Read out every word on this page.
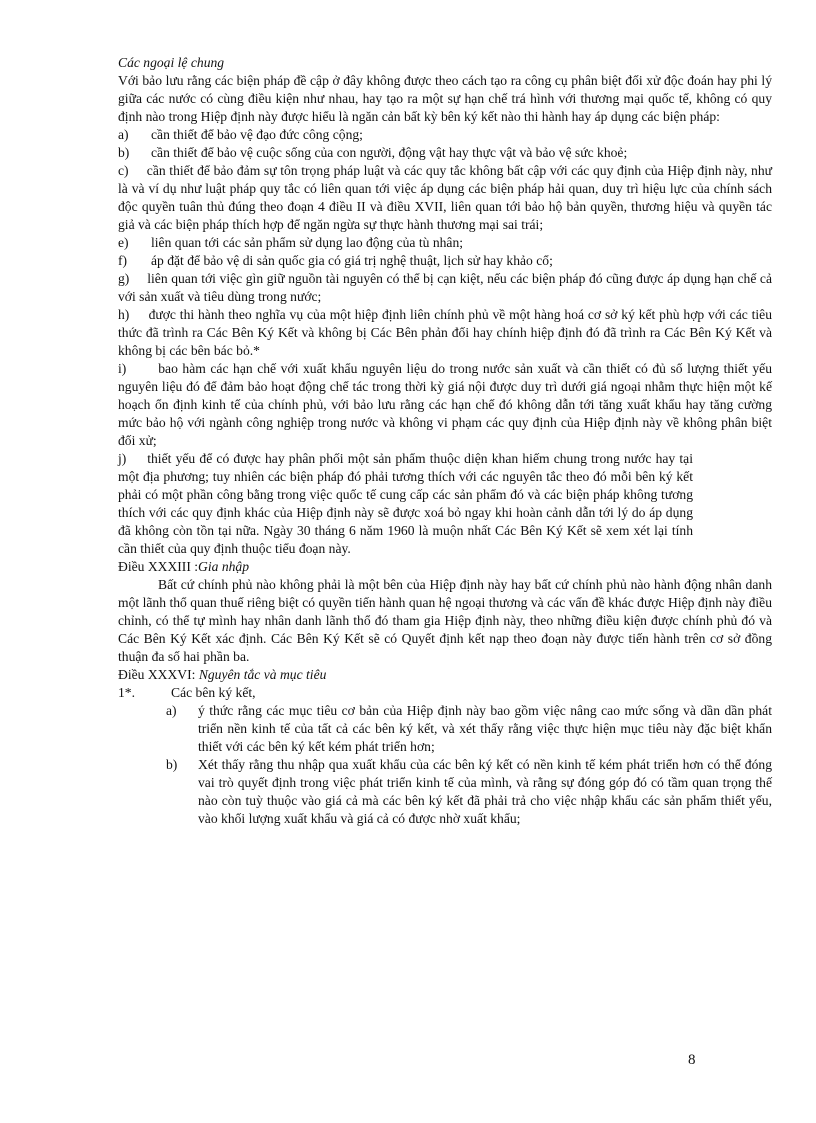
Các ngoại lệ chung

Với bảo lưu rằng các biện pháp đề cập ở đây không được theo cách tạo ra công cụ phân biệt đối xử độc đoán hay phi lý giữa các nước có cùng điều kiện như nhau, hay tạo ra một sự hạn chế trá hình với thương mại quốc tế, không có quy định nào trong Hiệp định này được hiểu là ngăn cản bất kỳ bên ký kết nào thi hành hay áp dụng các biện pháp:

a)	cần thiết để bảo vệ đạo đức công cộng;
b)	cần thiết để bảo vệ cuộc sống của con người, động vật hay thực vật và bảo vệ sức khoẻ;

c) cần thiết để bảo đảm sự tôn trọng pháp luật và các quy tắc không bất cập với các quy định của Hiệp định này, như là và ví dụ như luật pháp quy tắc có liên quan tới việc áp dụng các biện pháp hải quan, duy trì hiệu lực của chính sách độc quyền tuân thủ đúng theo đoạn 4 điều II và điều XVII, liên quan tới bảo hộ bản quyền, thương hiệu và quyền tác giả và các biện pháp thích hợp để ngăn ngừa sự thực hành thương mại sai trái;

e)	liên quan tới các sản phẩm sử dụng lao động của tù nhân;
f)	áp đặt để bảo vệ di sản quốc gia có giá trị nghệ thuật, lịch sử hay khảo cổ;

g) liên quan tới việc gìn giữ nguồn tài nguyên có thể bị cạn kiệt, nếu các biện pháp đó cũng được áp dụng hạn chế cả với sản xuất và tiêu dùng trong nước;

h) được thi hành theo nghĩa vụ của một hiệp định liên chính phủ về một hàng hoá cơ sở ký kết phù hợp với các tiêu thức đã trình ra Các Bên Ký Kết và không bị Các Bên phản đối hay chính hiệp định đó đã trình ra Các Bên Ký Kết và không bị các bên bác bỏ.*

i) bao hàm các hạn chế với xuất khẩu nguyên liệu do trong nước sản xuất và cần thiết có đủ số lượng thiết yếu nguyên liệu đó để đảm bảo hoạt động chế tác trong thời kỳ giá nội được duy trì dưới giá ngoại nhằm thực hiện một kế hoạch ổn định kinh tế của chính phủ, với bảo lưu rằng các hạn chế đó không dẫn tới tăng xuất khẩu hay tăng cường mức bảo hộ với ngành công nghiệp trong nước và không vi phạm các quy định của Hiệp định này về không phân biệt đối xử;

j) thiết yếu để có được hay phân phối một sản phẩm thuộc diện khan hiếm chung trong nước hay tại một địa phương; tuy nhiên các biện pháp đó phải tương thích với các nguyên tắc theo đó mỗi bên ký kết phải có một phần công bằng trong việc quốc tế cung cấp các sản phẩm đó và các biện pháp không tương thích với các quy định khác của Hiệp định này sẽ được xoá bỏ ngay khi hoàn cảnh dẫn tới lý do áp dụng đã không còn tồn tại nữa. Ngày 30 tháng 6 năm 1960 là muộn nhất Các Bên Ký Kết sẽ xem xét lại tính cần thiết của quy định thuộc tiểu đoạn này.

Điều XXXIII :Gia nhập

Bất cứ chính phủ nào không phải là một bên của Hiệp định này hay bất cứ chính phủ nào hành động nhân danh một lãnh thổ quan thuế riêng biệt có quyền tiến hành quan hệ ngoại thương và các vấn đề khác được Hiệp định này điều chỉnh, có thể tự mình hay nhân danh lãnh thổ đó tham gia Hiệp định này, theo những điều kiện được chính phủ đó và Các Bên Ký Kết xác định. Các Bên Ký Kết sẽ có Quyết định kết nạp theo đoạn này được tiến hành trên cơ sở đồng thuận đa số hai phần ba.

Điều XXXVI: Nguyên tắc và mục tiêu

1*.	Các bên ký kết,
a)	ý thức rằng các mục tiêu cơ bản của Hiệp định này bao gồm việc nâng cao mức sống và dần dần phát triển nền kinh tế của tất cả các bên ký kết, và xét thấy rằng việc thực hiện mục tiêu này đặc biệt khẩn thiết với các bên ký kết kém phát triển hơn;
b)	Xét thấy rằng thu nhập qua xuất khẩu của các bên ký kết có nền kinh tế kém phát triển hơn có thể đóng vai trò quyết định trong việc phát triển kinh tế của mình, và rằng sự đóng góp đó có tầm quan trọng thế nào còn tuỳ thuộc vào giá cả mà các bên ký kết đã phải trả cho việc nhập khẩu các sản phẩm thiết yếu, vào khối lượng xuất khẩu và giá cả có được nhờ xuất khẩu;
8
